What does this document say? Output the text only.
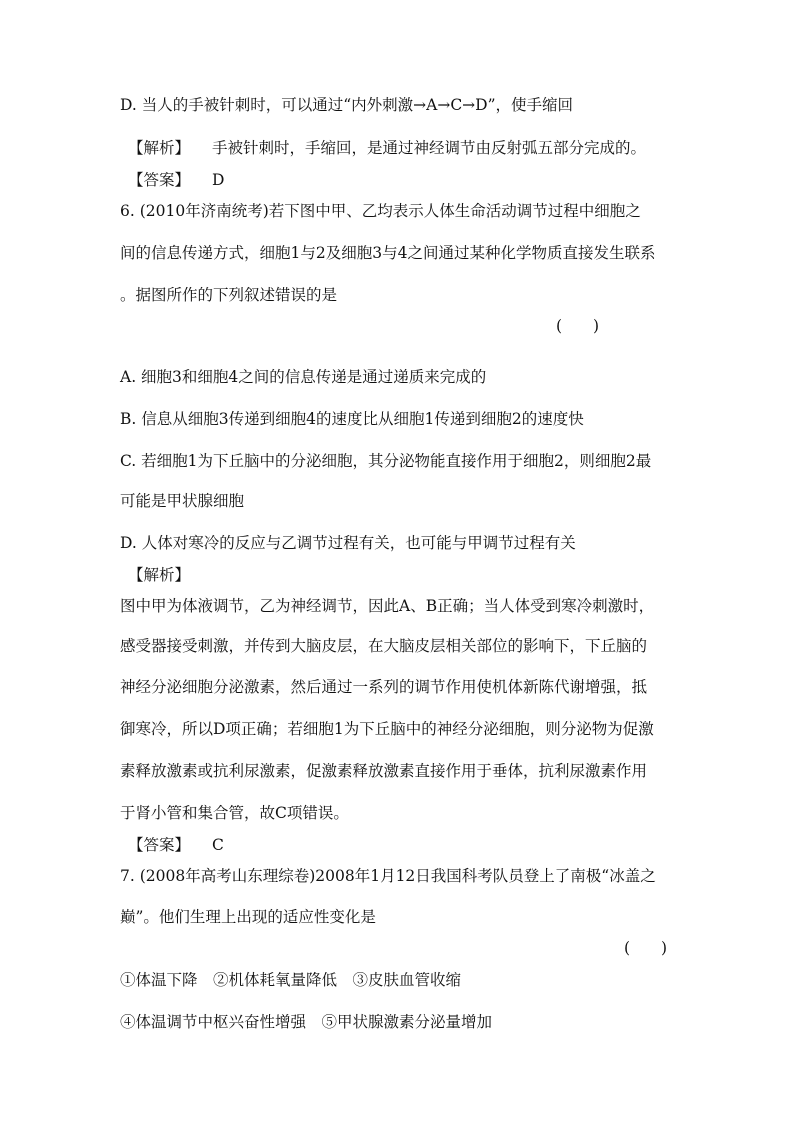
D. 当人的手被针刺时，可以通过“内外刺激→A→C→D”，使手缩回
【解析】 手被针刺时，手缩回，是通过神经调节由反射弧五部分完成的。
【答案】 D
6. (2010年济南统考)若下图中甲、乙均表示人体生命活动调节过程中细胞之
间的信息传递方式，细胞1与2及细胞3与4之间通过某种化学物质直接发生联系
。据图所作的下列叙述错误的是
(　　)
A. 细胞3和细胞4之间的信息传递是通过递质来完成的
B. 信息从细胞3传递到细胞4的速度比从细胞1传递到细胞2的速度快
C. 若细胞1为下丘脑中的分泌细胞，其分泌物能直接作用于细胞2，则细胞2最
可能是甲状腺细胞
D. 人体对寒冷的反应与乙调节过程有关，也可能与甲调节过程有关
【解析】
图中甲为体液调节，乙为神经调节，因此A、B正确；当人体受到寒冷刺激时，
感受器接受刺激，并传到大脑皮层，在大脑皮层相关部位的影响下，下丘脑的
神经分泌细胞分泌激素，然后通过一系列的调节作用使机体新陈代谢增强，抵
御寒冷，所以D项正确；若细胞1为下丘脑中的神经分泌细胞，则分泌物为促激
素释放激素或抗利尿激素，促激素释放激素直接作用于垂体，抗利尿激素作用
于肾小管和集合管，故C项错误。
【答案】 C
7. (2008年高考山东理综卷)2008年1月12日我国科考队员登上了南极“冰盖之
巅”。他们生理上出现的适应性变化是
(　　)
①体温下降　②机体耗氧量降低　③皮肤血管收缩
④体温调节中枢兴奋性增强　⑤甲状腺激素分泌量增加
